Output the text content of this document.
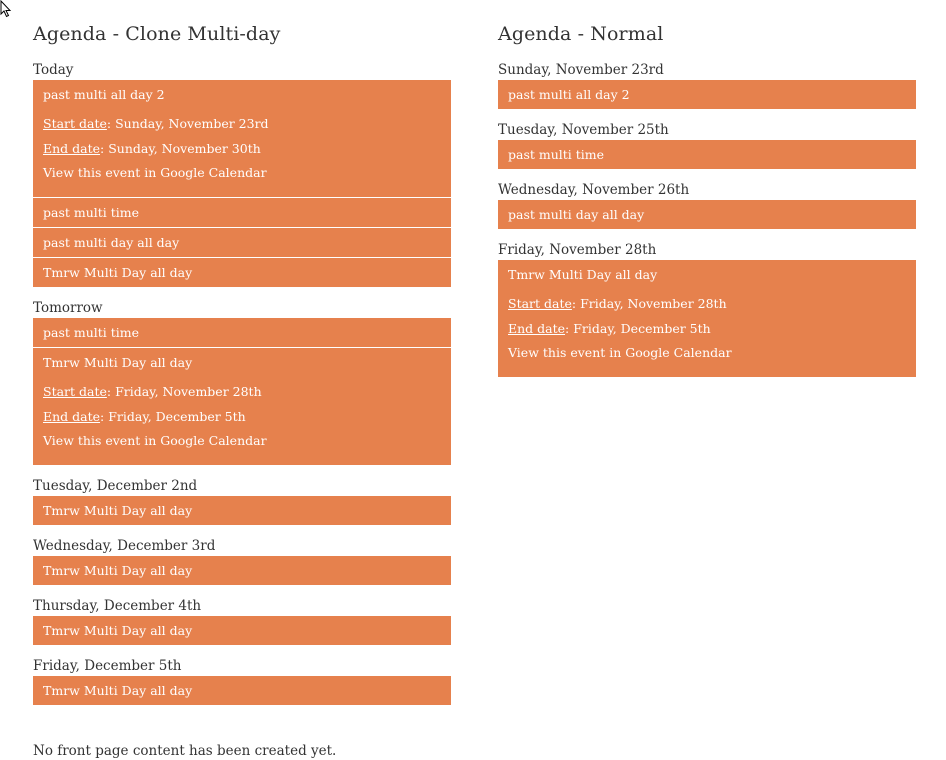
Agenda - Clone Multi-day
Today
past multi all day 2
Start date: Sunday, November 23rd
End date: Sunday, November 30th
View this event in Google Calendar
past multi time
past multi day all day
Tmrw Multi Day all day
Tomorrow
past multi time
Tmrw Multi Day all day
Start date: Friday, November 28th
End date: Friday, December 5th
View this event in Google Calendar
Tuesday, December 2nd
Tmrw Multi Day all day
Wednesday, December 3rd
Tmrw Multi Day all day
Thursday, December 4th
Tmrw Multi Day all day
Friday, December 5th
Tmrw Multi Day all day
Agenda - Normal
Sunday, November 23rd
past multi all day 2
Tuesday, November 25th
past multi time
Wednesday, November 26th
past multi day all day
Friday, November 28th
Tmrw Multi Day all day
Start date: Friday, November 28th
End date: Friday, December 5th
View this event in Google Calendar
No front page content has been created yet.
